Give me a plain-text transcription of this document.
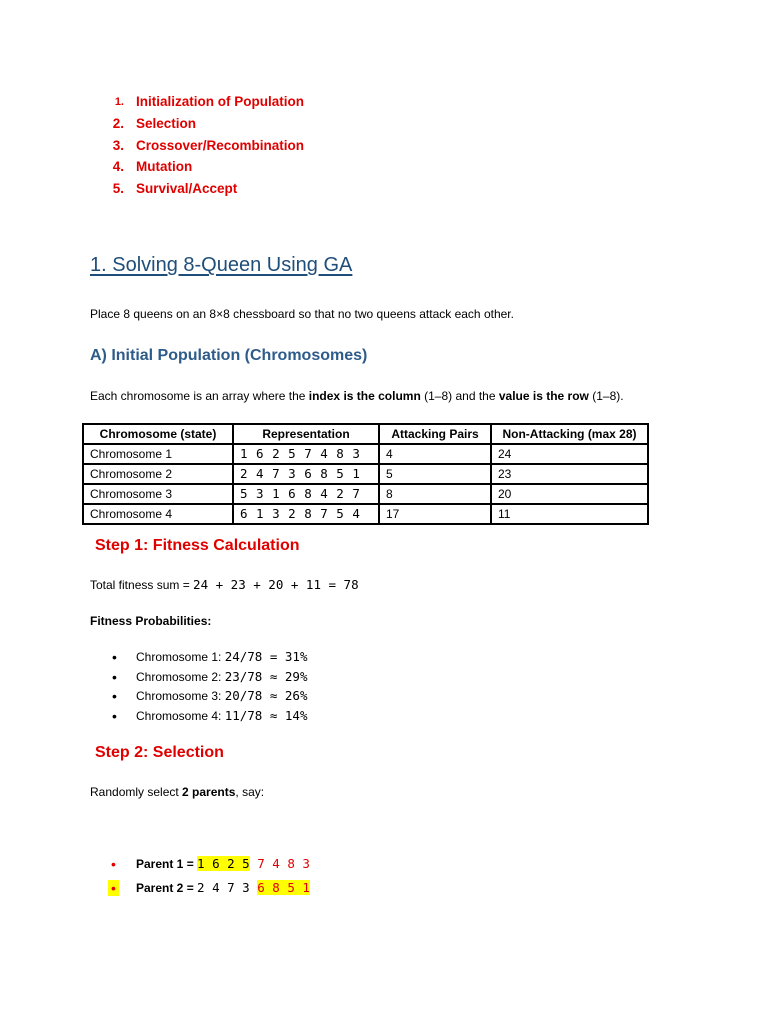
1. Initialization of Population
2. Selection
3. Crossover/Recombination
4. Mutation
5. Survival/Accept
1. Solving 8-Queen Using GA
Place 8 queens on an 8×8 chessboard so that no two queens attack each other.
A) Initial Population (Chromosomes)
Each chromosome is an array where the index is the column (1–8) and the value is the row (1–8).
Chromosome (state)	Representation	Attacking Pairs	Non-Attacking (max 28)
Chromosome 1	1 6 2 5 7 4 8 3	4	24
Chromosome 2	2 4 7 3 6 8 5 1	5	23
Chromosome 3	5 3 1 6 8 4 2 7	8	20
Chromosome 4	6 1 3 2 8 7 5 4	17	11
Step 1: Fitness Calculation
Total fitness sum = 24 + 23 + 20 + 11 = 78
Fitness Probabilities:
• Chromosome 1: 24/78 = 31%
• Chromosome 2: 23/78 ≈ 29%
• Chromosome 3: 20/78 ≈ 26%
• Chromosome 4: 11/78 ≈ 14%
Step 2: Selection
Randomly select 2 parents, say:
• Parent 1 = 1 6 2 5 7 4 8 3
• Parent 2 = 2 4 7 3 6 8 5 1
